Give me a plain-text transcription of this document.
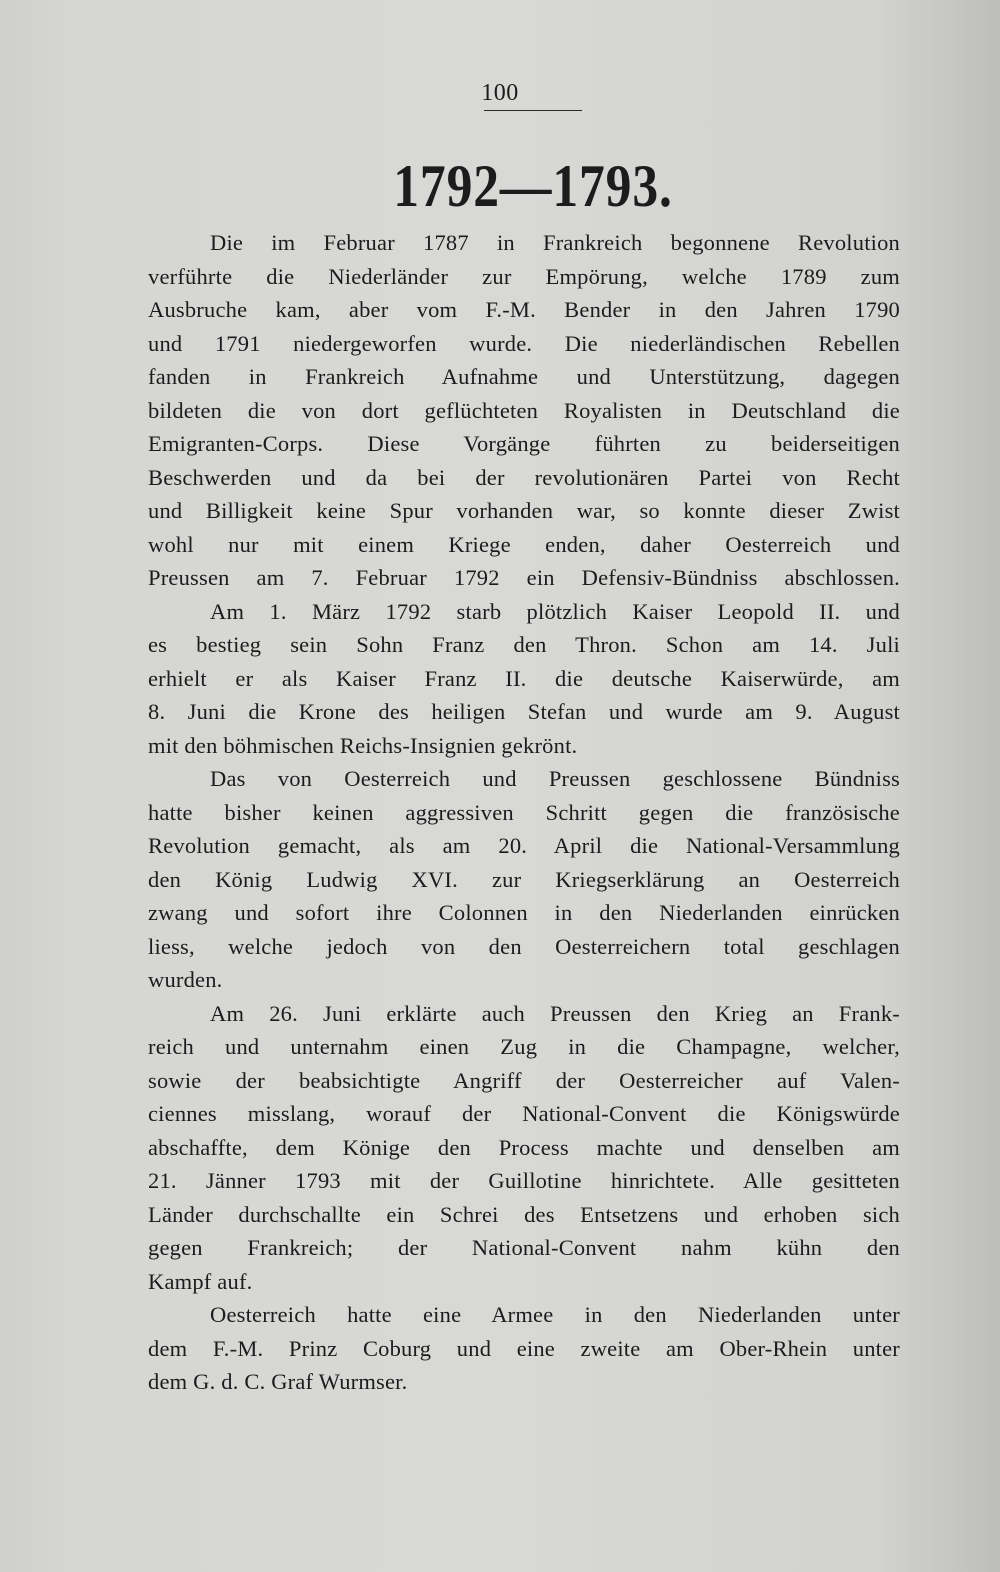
100
1792—1793.
Die im Februar 1787 in Frankreich begonnene Revolution
verführte die Niederländer zur Empörung, welche 1789 zum
Ausbruche kam, aber vom F.-M. Bender in den Jahren 1790
und 1791 niedergeworfen wurde. Die niederländischen Rebellen
fanden in Frankreich Aufnahme und Unterstützung, dagegen
bildeten die von dort geflüchteten Royalisten in Deutschland die
Emigranten-Corps. Diese Vorgänge führten zu beiderseitigen
Beschwerden und da bei der revolutionären Partei von Recht
und Billigkeit keine Spur vorhanden war, so konnte dieser Zwist
wohl nur mit einem Kriege enden, daher Oesterreich und
Preussen am 7. Februar 1792 ein Defensiv-Bündniss abschlossen.
Am 1. März 1792 starb plötzlich Kaiser Leopold II. und
es bestieg sein Sohn Franz den Thron. Schon am 14. Juli
erhielt er als Kaiser Franz II. die deutsche Kaiserwürde, am
8. Juni die Krone des heiligen Stefan und wurde am 9. August
mit den böhmischen Reichs-Insignien gekrönt.
Das von Oesterreich und Preussen geschlossene Bündniss
hatte bisher keinen aggressiven Schritt gegen die französische
Revolution gemacht, als am 20. April die National-Versammlung
den König Ludwig XVI. zur Kriegserklärung an Oesterreich
zwang und sofort ihre Colonnen in den Niederlanden einrücken
liess, welche jedoch von den Oesterreichern total geschlagen
wurden.
Am 26. Juni erklärte auch Preussen den Krieg an Frank-
reich und unternahm einen Zug in die Champagne, welcher,
sowie der beabsichtigte Angriff der Oesterreicher auf Valen-
ciennes misslang, worauf der National-Convent die Königswürde
abschaffte, dem Könige den Process machte und denselben am
21. Jänner 1793 mit der Guillotine hinrichtete. Alle gesitteten
Länder durchschallte ein Schrei des Entsetzens und erhoben sich
gegen Frankreich; der National-Convent nahm kühn den
Kampf auf.
Oesterreich hatte eine Armee in den Niederlanden unter
dem F.-M. Prinz Coburg und eine zweite am Ober-Rhein unter
dem G. d. C. Graf Wurmser.
